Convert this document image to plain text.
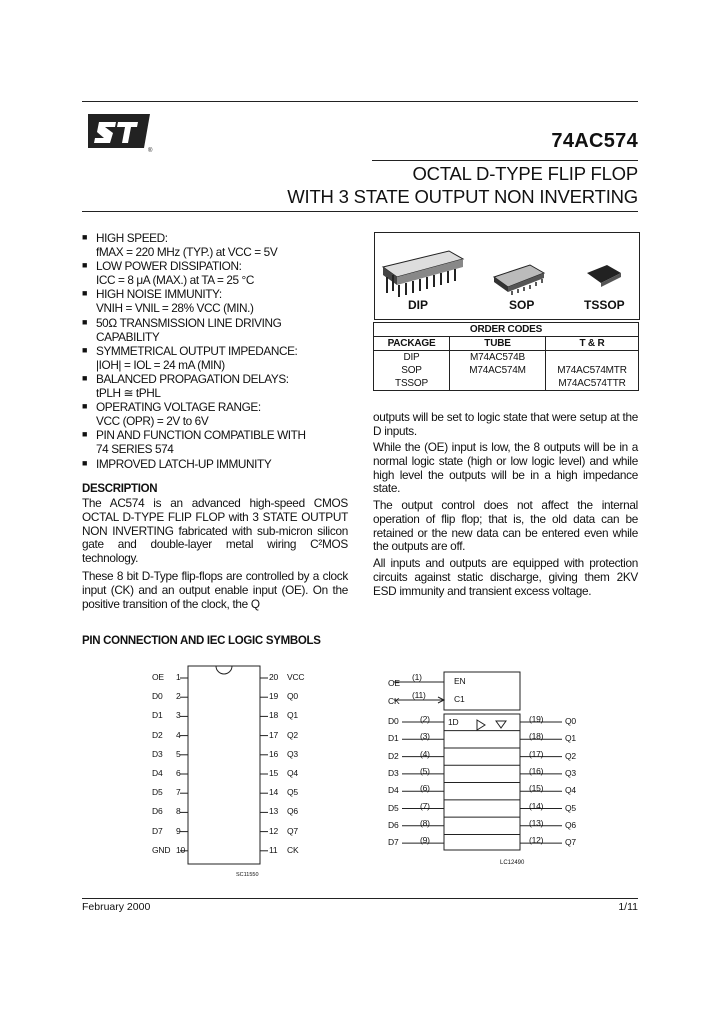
®	74AC574
OCTAL D-TYPE FLIP FLOP
WITH 3 STATE OUTPUT NON INVERTING
■ HIGH SPEED:
fMAX = 220 MHz (TYP.) at VCC = 5V
■ LOW POWER DISSIPATION:
ICC = 8 μA (MAX.) at TA = 25 °C
■ HIGH NOISE IMMUNITY:
VNIH = VNIL = 28% VCC (MIN.)
■ 50Ω TRANSMISSION LINE DRIVING
CAPABILITY
■ SYMMETRICAL OUTPUT IMPEDANCE:
|IOH| = IOL = 24 mA (MIN)
■ BALANCED PROPAGATION DELAYS:
tPLH ≅ tPHL
■ OPERATING VOLTAGE RANGE:
VCC (OPR) = 2V to 6V
■ PIN AND FUNCTION COMPATIBLE WITH
74 SERIES 574
■ IMPROVED LATCH-UP IMMUNITY
DESCRIPTION
The AC574 is an advanced high-speed CMOS OCTAL D-TYPE FLIP FLOP with 3 STATE OUTPUT NON INVERTING fabricated with sub-micron silicon gate and double-layer metal wiring C²MOS technology.
These 8 bit D-Type flip-flops are controlled by a clock input (CK) and an output enable input (OE). On the positive transition of the clock, the Q
DIP	SOP	TSSOP
ORDER CODES		
PACKAGE	TUBE	T & R
DIP	M74AC574B	
SOP	M74AC574M	M74AC574MTR
TSSOP		M74AC574TTR
outputs will be set to logic state that were setup at the D inputs.
While the (OE) input is low, the 8 outputs will be in a normal logic state (high or low logic level) and while high level the outputs will be in a high impedance state.
The output control does not affect the internal operation of flip flop; that is, the old data can be retained or the new data can be entered even while the outputs are off.
All inputs and outputs are equipped with protection circuits against static discharge, giving them 2KV ESD immunity and transient excess voltage.
PIN CONNECTION AND IEC LOGIC SYMBOLS
OE 1	20 VCC
D0 2	19 Q0
D1 3	18 Q1
D2 4	17 Q2
D3 5	16 Q3
D4 6	15 Q4
D5 7	14 Q5
D6 8	13 Q6
D7 9	12 Q7
GND 10	11 CK
SC11550
D0	(2)	(19)	Q0
D1	(3)	(18)	Q1
D2	(4)	(17)	Q2
D3	(5)	(16)	Q3
D4	(6)	(15)	Q4
D5	(7)	(14)	Q5
D6	(8)	(13)	Q6
D7	(9)	(12)	Q7
OE
(1)	EN
CK
(11)	C1
1D
LC12490
February 2000	1/11
